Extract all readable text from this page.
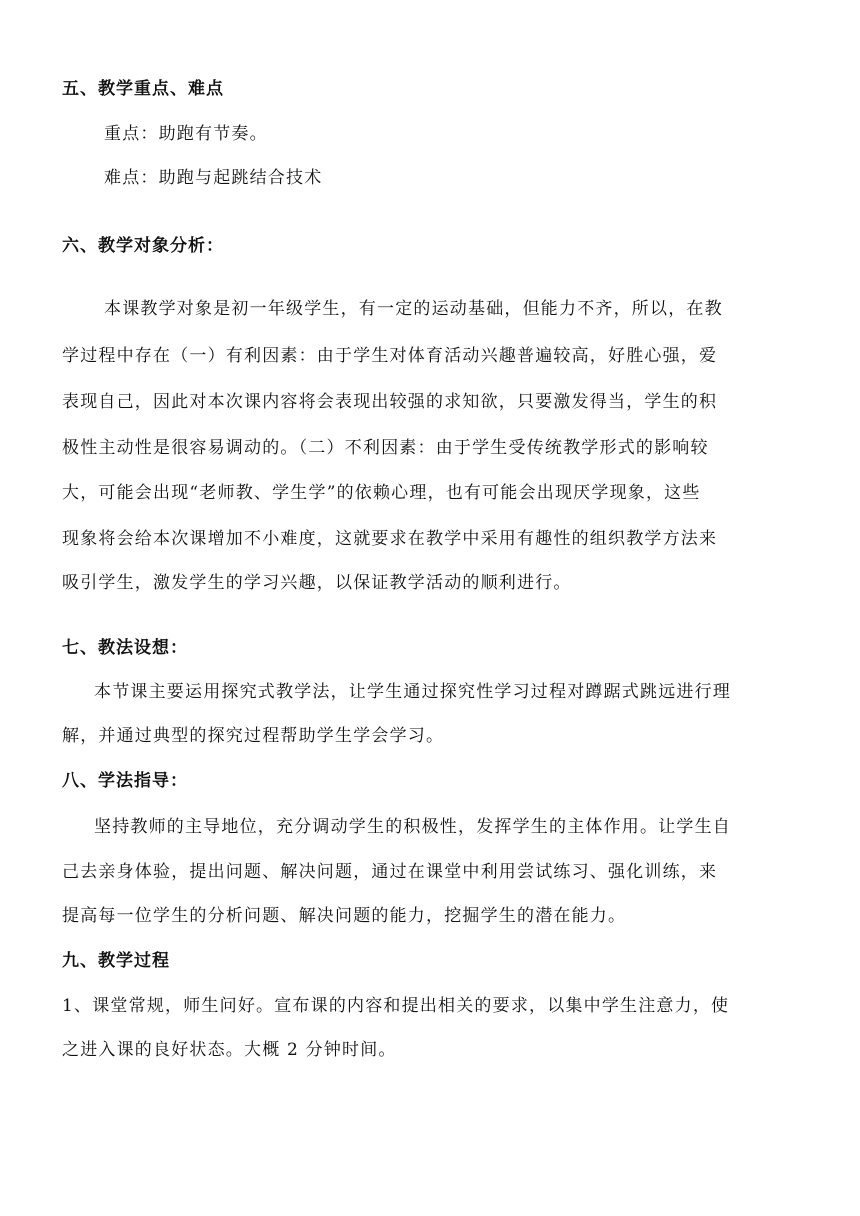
五、教学重点、难点
重点：助跑有节奏。
难点：助跑与起跳结合技术
六、教学对象分析：
本课教学对象是初一年级学生，有一定的运动基础，但能力不齐，所以，在教
学过程中存在（一）有利因素：由于学生对体育活动兴趣普遍较高，好胜心强，爱
表现自己，因此对本次课内容将会表现出较强的求知欲，只要激发得当，学生的积
极性主动性是很容易调动的。（二）不利因素：由于学生受传统教学形式的影响较
大，可能会出现“老师教、学生学”的依赖心理，也有可能会出现厌学现象，这些
现象将会给本次课增加不小难度，这就要求在教学中采用有趣性的组织教学方法来
吸引学生，激发学生的学习兴趣，以保证教学活动的顺利进行。
七、教法设想：
本节课主要运用探究式教学法，让学生通过探究性学习过程对蹲踞式跳远进行理
解，并通过典型的探究过程帮助学生学会学习。
八、学法指导：
坚持教师的主导地位，充分调动学生的积极性，发挥学生的主体作用。让学生自
己去亲身体验，提出问题、解决问题，通过在课堂中利用尝试练习、强化训练，来
提高每一位学生的分析问题、解决问题的能力，挖掘学生的潜在能力。
九、教学过程
1、课堂常规，师生问好。宣布课的内容和提出相关的要求，以集中学生注意力，使
之进入课的良好状态。大概 2 分钟时间。
